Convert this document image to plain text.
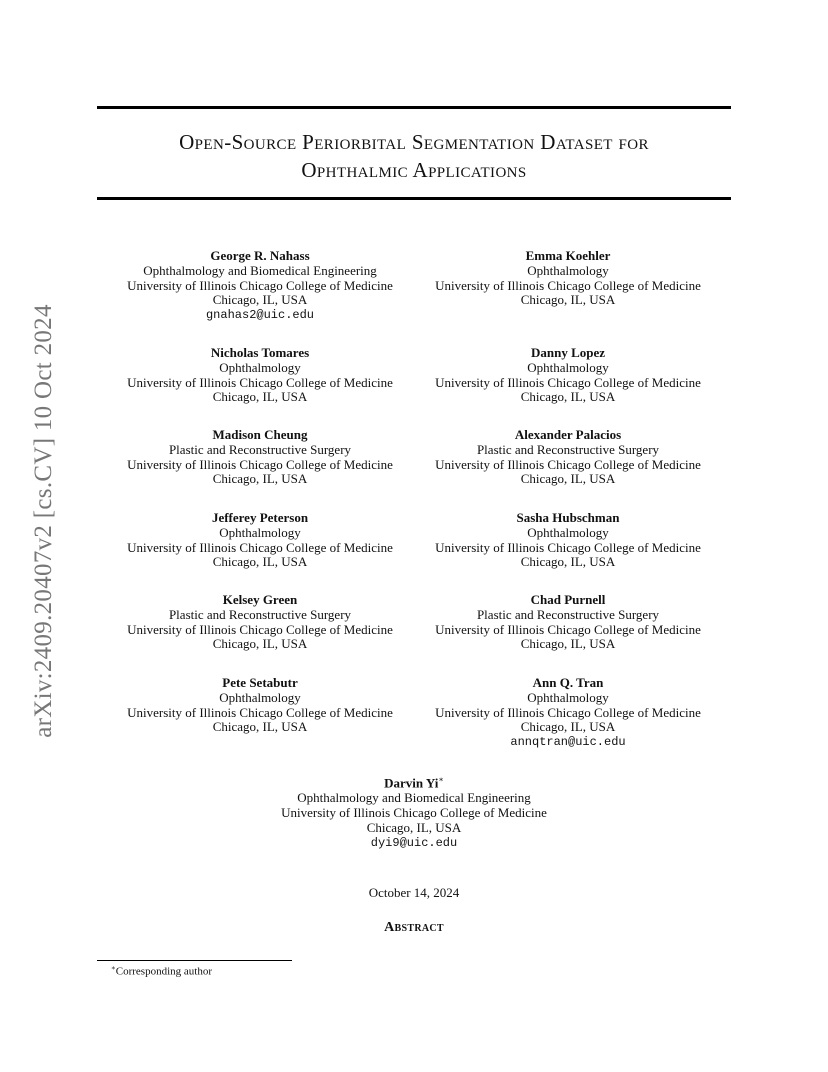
arXiv:2409.20407v2 [cs.CV] 10 Oct 2024
Open-Source Periorbital Segmentation Dataset for
Ophthalmic Applications
George R. Nahass
Ophthalmology and Biomedical Engineering
University of Illinois Chicago College of Medicine
Chicago, IL, USA
gnahas2@uic.edu
Emma Koehler
Ophthalmology
University of Illinois Chicago College of Medicine
Chicago, IL, USA
Nicholas Tomares
Ophthalmology
University of Illinois Chicago College of Medicine
Chicago, IL, USA
Danny Lopez
Ophthalmology
University of Illinois Chicago College of Medicine
Chicago, IL, USA
Madison Cheung
Plastic and Reconstructive Surgery
University of Illinois Chicago College of Medicine
Chicago, IL, USA
Alexander Palacios
Plastic and Reconstructive Surgery
University of Illinois Chicago College of Medicine
Chicago, IL, USA
Jefferey Peterson
Ophthalmology
University of Illinois Chicago College of Medicine
Chicago, IL, USA
Sasha Hubschman
Ophthalmology
University of Illinois Chicago College of Medicine
Chicago, IL, USA
Kelsey Green
Plastic and Reconstructive Surgery
University of Illinois Chicago College of Medicine
Chicago, IL, USA
Chad Purnell
Plastic and Reconstructive Surgery
University of Illinois Chicago College of Medicine
Chicago, IL, USA
Pete Setabutr
Ophthalmology
University of Illinois Chicago College of Medicine
Chicago, IL, USA
Ann Q. Tran
Ophthalmology
University of Illinois Chicago College of Medicine
Chicago, IL, USA
annqtran@uic.edu
Darvin Yi∗
Ophthalmology and Biomedical Engineering
University of Illinois Chicago College of Medicine
Chicago, IL, USA
dyi9@uic.edu
October 14, 2024
Abstract
∗Corresponding author
